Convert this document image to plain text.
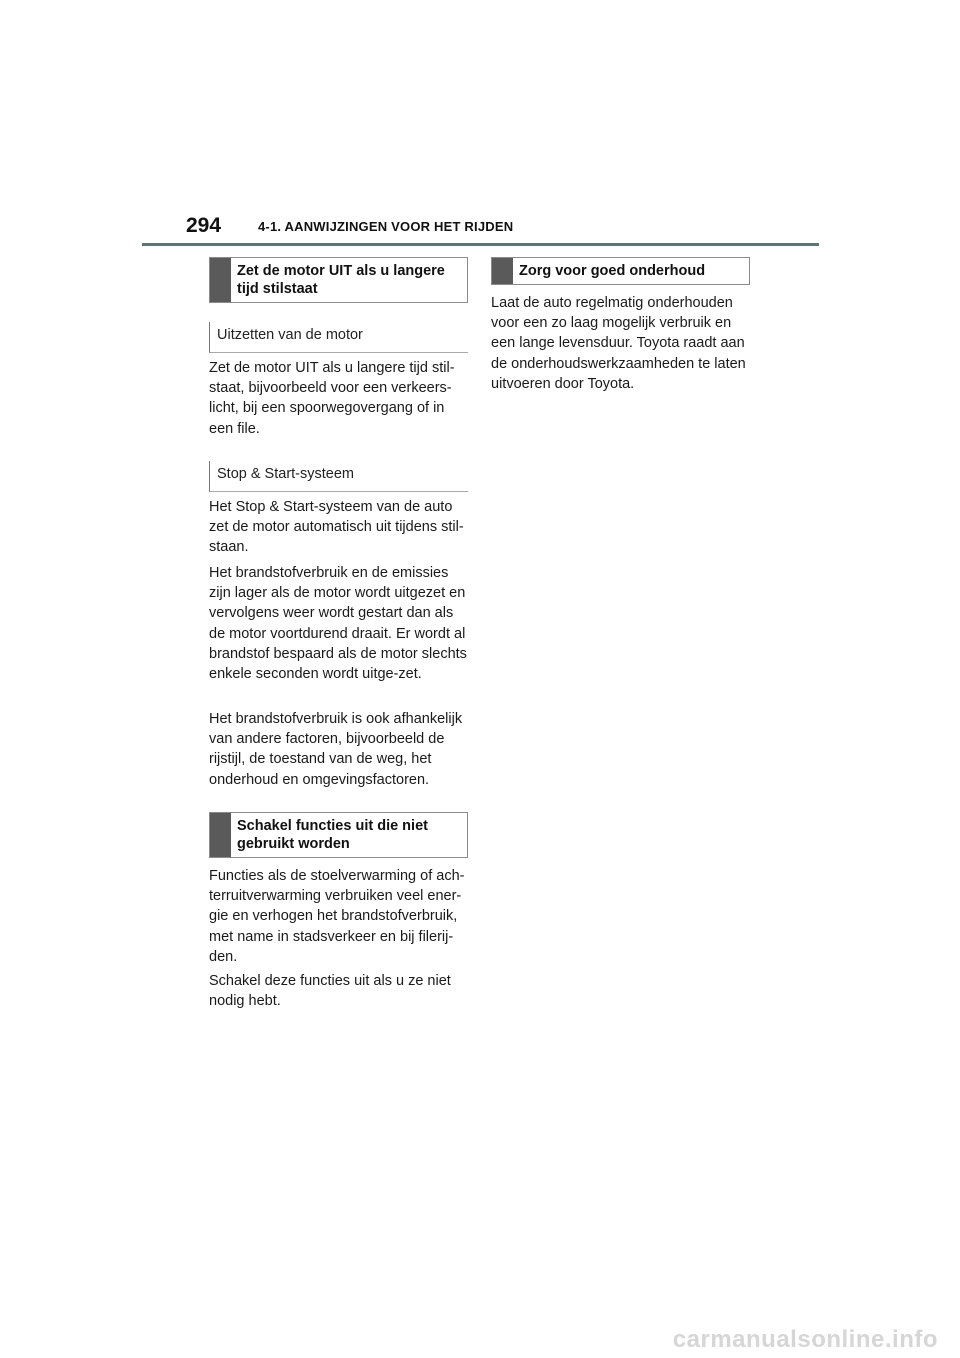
294	4-1. AANWIJZINGEN VOOR HET RIJDEN
Zet de motor UIT als u langere tijd stilstaat
Uitzetten van de motor

Zet de motor UIT als u langere tijd stil-staat, bijvoorbeeld voor een verkeers-licht, bij een spoorwegovergang of in een file.

Stop & Start-systeem

Het Stop & Start-systeem van de auto zet de motor automatisch uit tijdens stil-staan.

Het brandstofverbruik en de emissies zijn lager als de motor wordt uitgezet en vervolgens weer wordt gestart dan als de motor voortdurend draait. Er wordt al brandstof bespaard als de motor slechts enkele seconden wordt uitge-zet.

Het brandstofverbruik is ook afhankelijk van andere factoren, bijvoorbeeld de rijstijl, de toestand van de weg, het onderhoud en omgevingsfactoren.

Schakel functies uit die niet gebruikt worden

Functies als de stoelverwarming of ach-terruitverwarming verbruiken veel ener-gie en verhogen het brandstofverbruik, met name in stadsverkeer en bij filerij-den.

Schakel deze functies uit als u ze niet nodig hebt.

Zorg voor goed onderhoud

Laat de auto regelmatig onderhouden voor een zo laag mogelijk verbruik en een lange levensduur. Toyota raadt aan de onderhoudswerkzaamheden te laten uitvoeren door Toyota.

carmanualsonline.info
